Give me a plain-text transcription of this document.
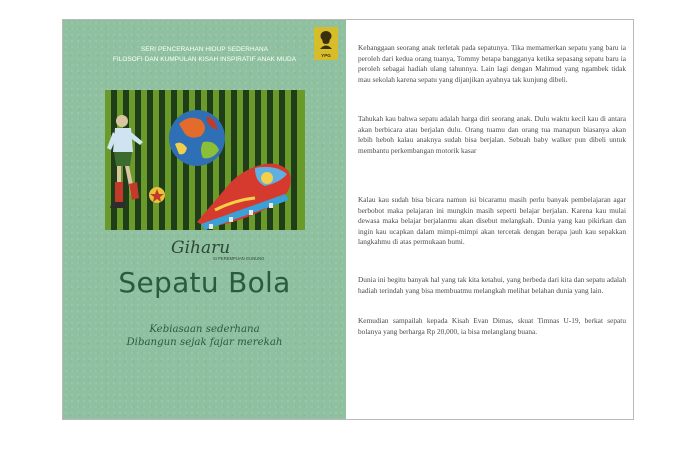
SERI PENCERAHAN HIDUP SEDERHANA
FILOSOFI DAN KUMPULAN KISAH INSPIRATIF ANAK MUDA
YPG
Giharu
SI PEREMPUAN GUNUNG
Sepatu Bola
Kebiasaan sederhana
Dibangun sejak fajar merekah

Kebanggaan seorang anak terletak pada sepatunya. Tika memamerkan sepatu yang baru ia peroleh dari kedua orang tuanya, Tommy betapa bangganya ketika sepasang sepatu baru ia peroleh sebagai hadiah ulang tahunnya. Lain lagi dengan Mahmud yang ngambek tidak mau sekolah karena sepatu yang dijanjikan ayahnya tak kunjung dibeli.

Tahukah kau bahwa sepatu adalah harga diri seorang anak. Dulu waktu kecil kau di antara akan berbicara atau berjalan dulu. Orang tuamu dan orang tua manapun biasanya akan lebih heboh kalau anaknya sudah bisa berjalan. Sebuah baby walker pun dibeli untuk membantu perkembangan motorik kasar

Kalau kau sudah bisa bicara namun isi bicaramu masih perlu banyak pembelajaran agar berbobot maka pelajaran ini mungkin masih seperti belajar berjalan. Karena kau mulai dewasa maka belajar berjalanmu akan disebut melangkah. Dunia yang kau pikirkan dan ingin kau ucapkan dalam mimpi-mimpi akan tercetak dengan berapa jauh kau sepakkan langkahmu di atas permukaan bumi.

Dunia ini begitu banyak hal yang tak kita ketahui, yang berbeda dari kita dan sepatu adalah hadiah terindah yang bisa membuatmu melangkah melihat belahan dunia yang lain.

Kemudian sampailah kepada Kisah Evan Dimas, skuat Timnas U-19, berkat sepatu bolanya yang berharga Rp 20,000, ia bisa melanglang buana.
